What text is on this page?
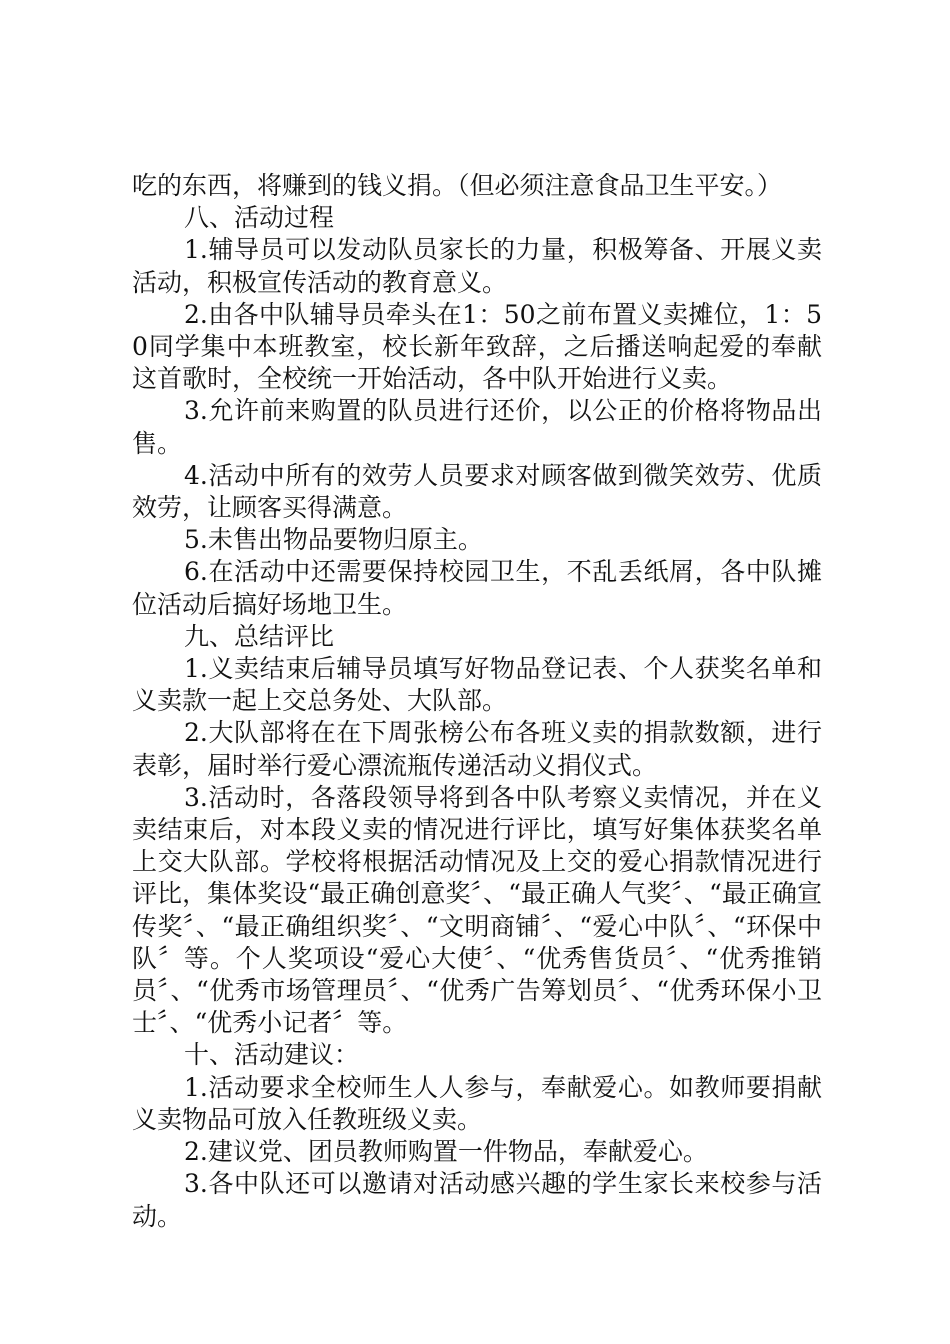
吃的东西，将赚到的钱义捐。（但必须注意食品卫生平安。）

八、活动过程

1.辅导员可以发动队员家长的力量，积极筹备、开展义卖活动，积极宣传活动的教育意义。

2.由各中队辅导员牵头在1：50之前布置义卖摊位，1：50同学集中本班教室，校长新年致辞，之后播送响起爱的奉献这首歌时，全校统一开始活动，各中队开始进行义卖。

3.允许前来购置的队员进行还价，以公正的价格将物品出售。

4.活动中所有的效劳人员要求对顾客做到微笑效劳、优质效劳，让顾客买得满意。

5.未售出物品要物归原主。

6.在活动中还需要保持校园卫生，不乱丢纸屑，各中队摊位活动后搞好场地卫生。

九、总结评比

1.义卖结束后辅导员填写好物品登记表、个人获奖名单和义卖款一起上交总务处、大队部。

2.大队部将在在下周张榜公布各班义卖的捐款数额，进行表彰，届时举行爱心漂流瓶传递活动义捐仪式。

3.活动时，各落段领导将到各中队考察义卖情况，并在义卖结束后，对本段义卖的情况进行评比，填写好集体获奖名单上交大队部。学校将根据活动情况及上交的爱心捐款情况进行评比，集体奖设“最正确创意奖〞、“最正确人气奖〞、“最正确宣传奖〞、“最正确组织奖〞、“文明商铺〞、“爱心中队〞、“环保中队〞等。个人奖项设“爱心大使〞、“优秀售货员〞、“优秀推销员〞、“优秀市场管理员〞、“优秀广告筹划员〞、“优秀环保小卫士〞、“优秀小记者〞等。

十、活动建议：

1.活动要求全校师生人人参与，奉献爱心。如教师要捐献义卖物品可放入任教班级义卖。

2.建议党、团员教师购置一件物品，奉献爱心。

3.各中队还可以邀请对活动感兴趣的学生家长来校参与活动。
